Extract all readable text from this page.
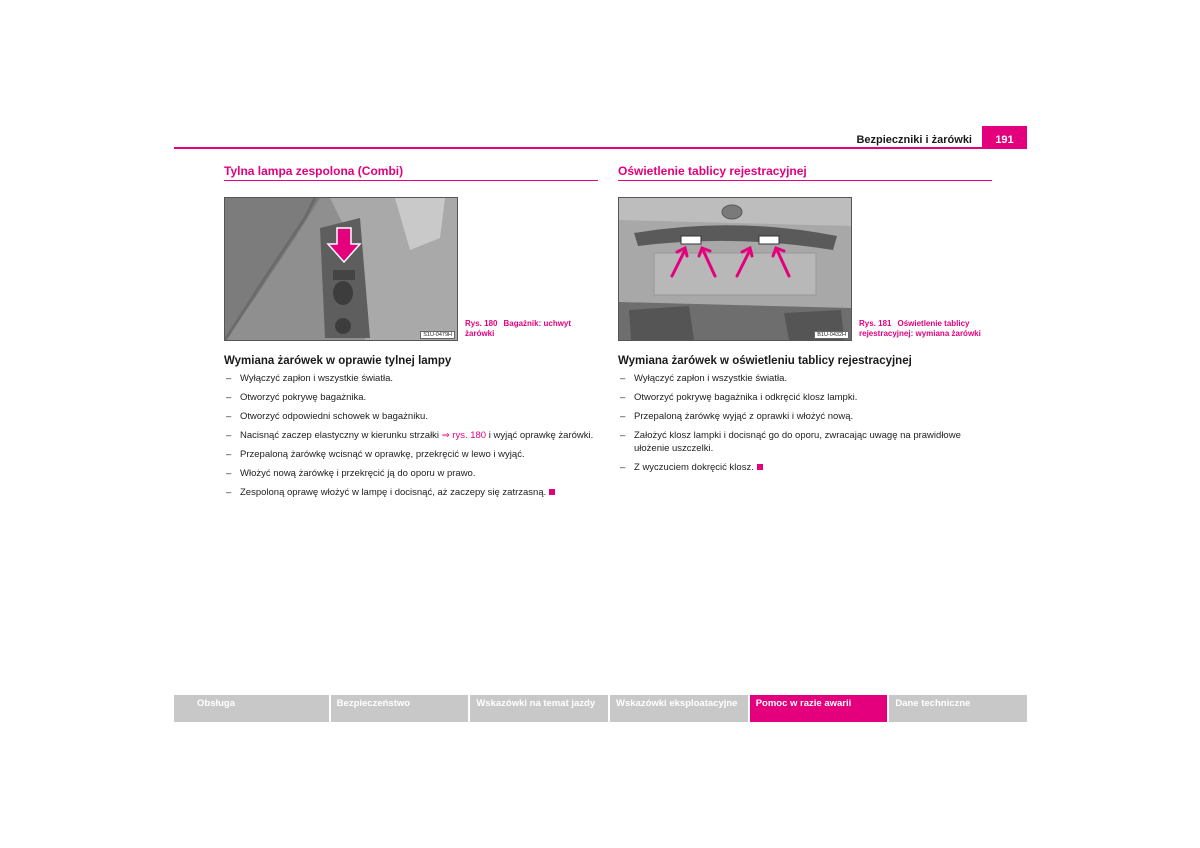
Bezpieczniki i żarówki	191
Tylna lampa zespolona (Combi)
S1U-0479H
Rys. 180 Bagażnik: uchwyt żarówki
Wymiana żarówek w oprawie tylnej lampy
– Wyłączyć zapłon i wszystkie światła.
– Otworzyć pokrywę bagażnika.
– Otworzyć odpowiedni schowek w bagażniku.
– Nacisnąć zaczep elastyczny w kierunku strzałki ⇒ rys. 180 i wyjąć oprawkę żarówki.
– Przepaloną żarówkę wcisnąć w oprawkę, przekręcić w lewo i wyjąć.
– Włożyć nową żarówkę i przekręcić ją do oporu w prawo.
– Zespoloną oprawę włożyć w lampę i docisnąć, aż zaczepy się zatrzasną.
Oświetlenie tablicy rejestracyjnej
B1U-0432H
Rys. 181 Oświetlenie tablicy rejestracyjnej: wymiana żarówki
Wymiana żarówek w oświetleniu tablicy rejestracyjnej
– Wyłączyć zapłon i wszystkie światła.
– Otworzyć pokrywę bagażnika i odkręcić klosz lampki.
– Przepaloną żarówkę wyjąć z oprawki i włożyć nową.
– Założyć klosz lampki i docisnąć go do oporu, zwracając uwagę na prawidłowe ułożenie uszczelki.
– Z wyczuciem dokręcić klosz.
Obsługa	Bezpieczeństwo	Wskazówki na temat jazdy	Wskazówki eksploatacyjne	Pomoc w razie awarii	Dane techniczne
